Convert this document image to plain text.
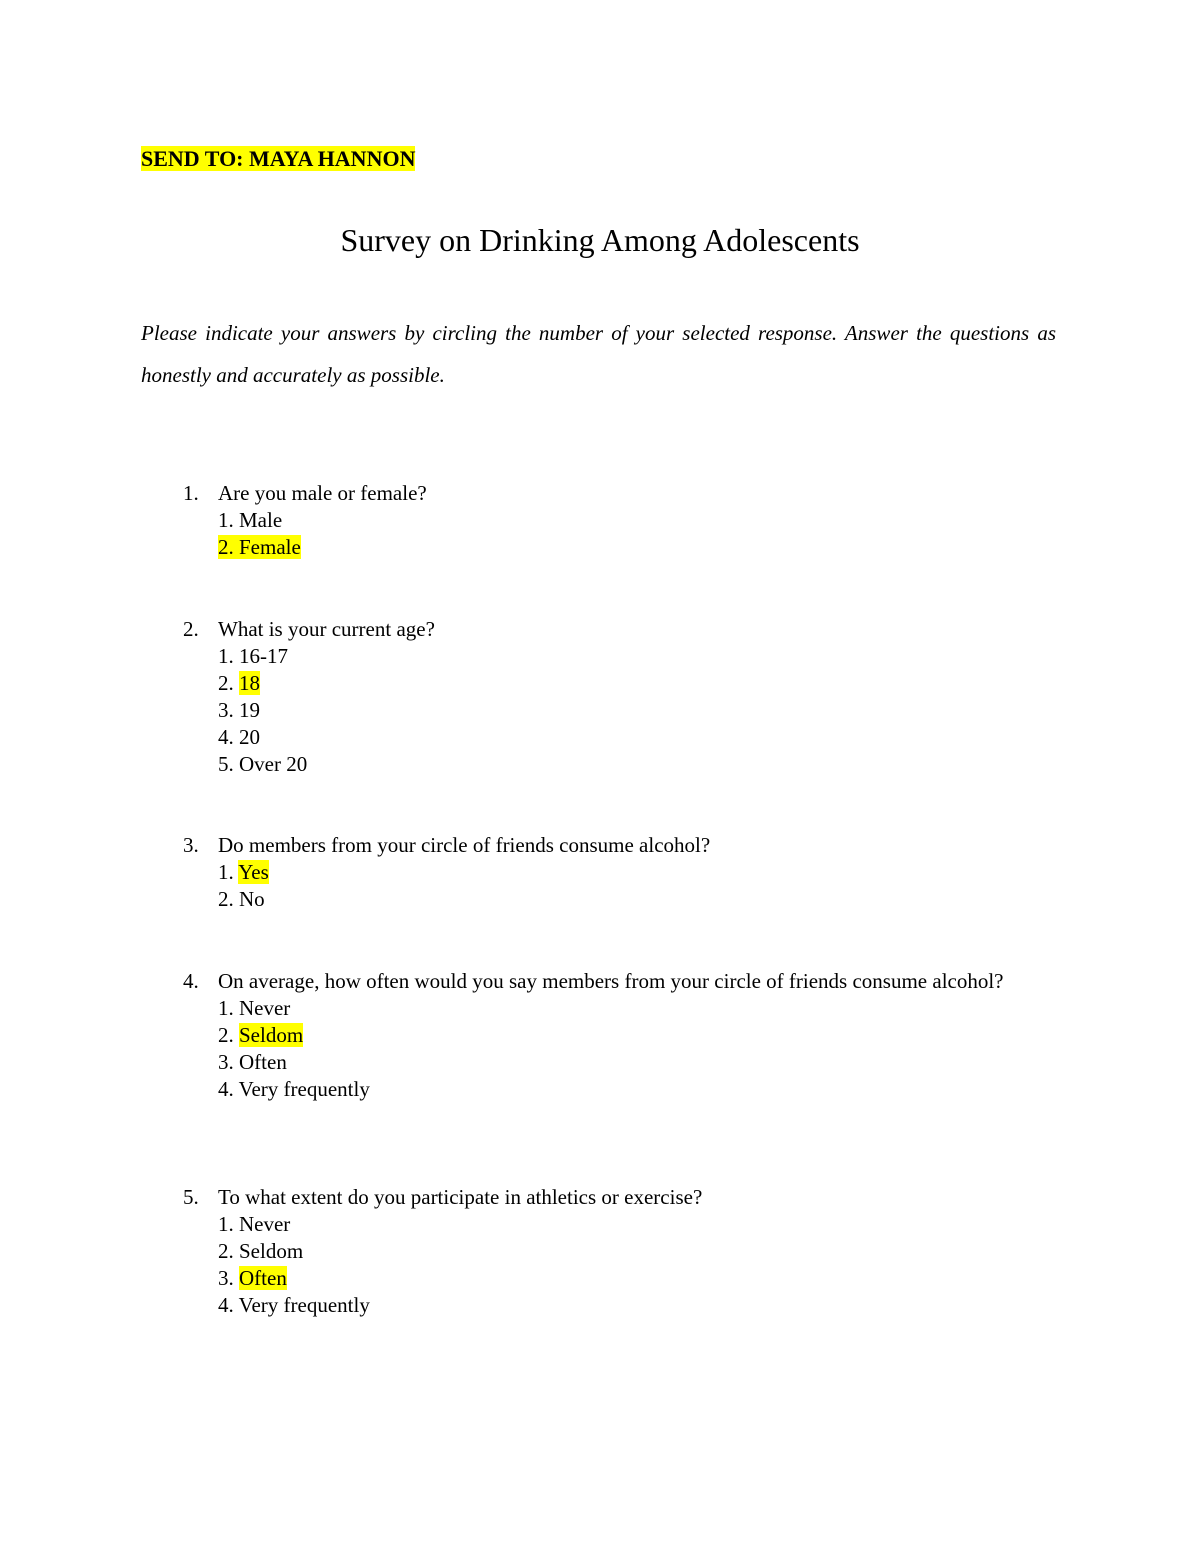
SEND TO: MAYA HANNON
Survey on Drinking Among Adolescents
Please indicate your answers by circling the number of your selected response. Answer the questions as honestly and accurately as possible.
1. Are you male or female?
1. Male
2. Female
2. What is your current age?
1. 16-17
2. 18
3. 19
4. 20
5. Over 20
3. Do members from your circle of friends consume alcohol?
1. Yes
2. No
4. On average, how often would you say members from your circle of friends consume alcohol?
1. Never
2. Seldom
3. Often
4. Very frequently
5. To what extent do you participate in athletics or exercise?
1. Never
2. Seldom
3. Often
4. Very frequently
